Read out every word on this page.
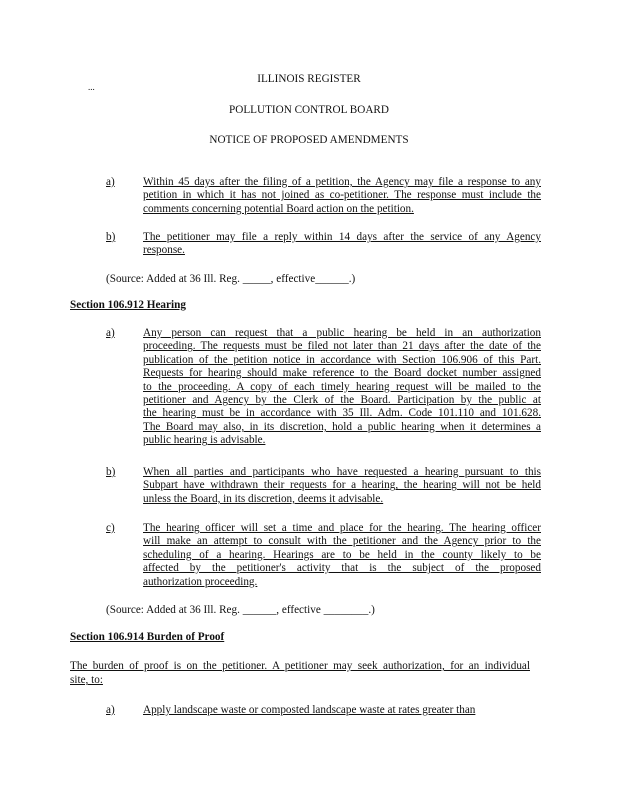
...
ILLINOIS REGISTER
POLLUTION CONTROL BOARD
NOTICE OF PROPOSED AMENDMENTS
a)	Within 45 days after the filing of a petition, the Agency may file a response to any
petition in which it has not joined as co-petitioner. The response must include the
comments concerning potential Board action on the petition.
b) The petitioner may file a reply within 14 days after the service of any Agency
response.
(Source: Added at 36 Ill. Reg. _____, effective______.)
Section 106.912 Hearing
a)	Any person can request that a public hearing be held in an authorization
proceeding. The requests must be filed not later than 21 days after the date of the
publication of the petition notice in accordance with Section 106.906 of this Part.
Requests for hearing should make reference to the Board docket number assigned
to the proceeding. A copy of each timely hearing request will be mailed to the
petitioner and Agency by the Clerk of the Board. Participation by the public at
the hearing must be in accordance with 35 Ill. Adm. Code 101.110 and 101.628.
The Board may also, in its discretion, hold a public hearing when it determines a
public hearing is advisable.
b) When all parties and participants who have requested a hearing pursuant to this
Subpart have withdrawn their requests for a hearing, the hearing will not be held
unless the Board, in its discretion, deems it advisable.
c)	The hearing officer will set a time and place for the hearing. The hearing officer
will make an attempt to consult with the petitioner and the Agency prior to the
scheduling of a hearing. Hearings are to be held in the county likely to be
affected by the petitioner's activity that is the subject of the proposed
authorization proceeding.
(Source: Added at 36 Ill. Reg. ______, effective ________.)
Section 106.914 Burden of Proof
The burden of proof is on the petitioner. A petitioner may seek authorization, for an individual
site, to:
a)	Apply landscape waste or composted landscape waste at rates greater than
